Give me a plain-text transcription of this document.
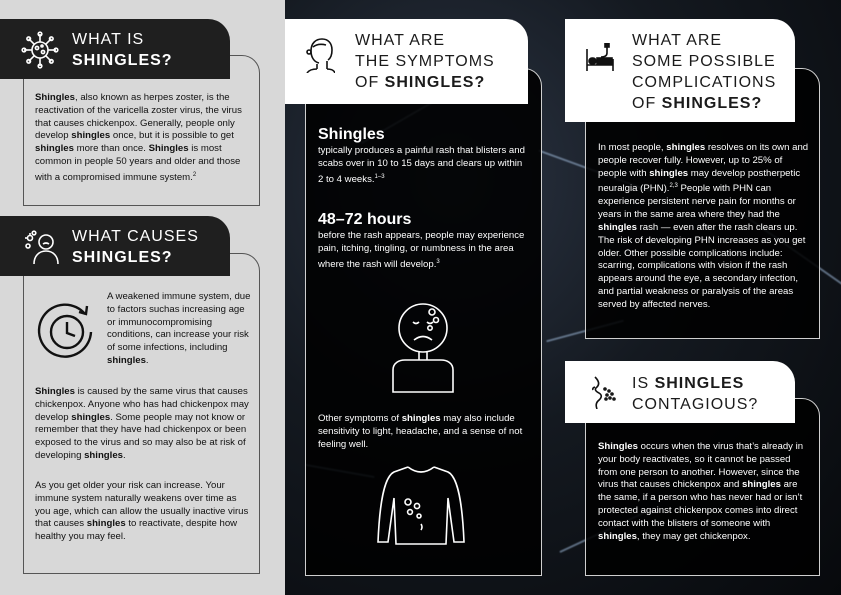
WHAT IS
SHINGLES?
Shingles, also known as herpes zoster, is the reactivation of the varicella zoster virus, the virus that causes chickenpox. Generally, people only develop shingles once, but it is possible to get shingles more than once. Shingles is most common in people 50 years and older and those with a compromised immune system.$^2$
WHAT CAUSES
SHINGLES?
A weakened immune system, due to factors suchas increasing age or immunocompromising conditions, can increase your risk of some infections, including shingles.
Shingles is caused by the same virus that causes chickenpox. Anyone who has had chickenpox may develop shingles. Some people may not know or remember that they have had chickenpox or been exposed to the virus and so may also be at risk of developing shingles.
As you get older your risk can increase. Your immune system naturally weakens over time as you age, which can allow the usually inactive virus that causes shingles to reactivate, despite how healthy you may feel.
WHAT ARE
THE SYMPTOMS
OF SHINGLES?
Shingles
typically produces a painful rash that blisters and scabs over in 10 to 15 days and clears up within 2 to 4 weeks.$^{1-3}$
48–72 hours
before the rash appears, people may experience pain, itching, tingling, or numbness in the area where the rash will develop.$^3$
Other symptoms of shingles may also include sensitivity to light, headache, and a sense of not feeling well.
WHAT ARE
SOME POSSIBLE
COMPLICATIONS
OF SHINGLES?
In most people, shingles resolves on its own and people recover fully. However, up to 25% of people with shingles may develop postherpetic neuralgia (PHN).$^{2,3}$ People with PHN can experience persistent nerve pain for months or years in the same area where they had the shingles rash — even after the rash clears up. The risk of developing PHN increases as you get older. Other possible complications include: scarring, complications with vision if the rash appears around the eye, a secondary infection, and partial weakness or paralysis of the areas served by affected nerves.
IS SHINGLES
CONTAGIOUS?
Shingles occurs when the virus that’s already in your body reactivates, so it cannot be passed from one person to another. However, since the virus that causes chickenpox and shingles are the same, if a person who has never had or isn’t protected against chickenpox comes into direct contact with the blisters of someone with shingles, they may get chickenpox.
